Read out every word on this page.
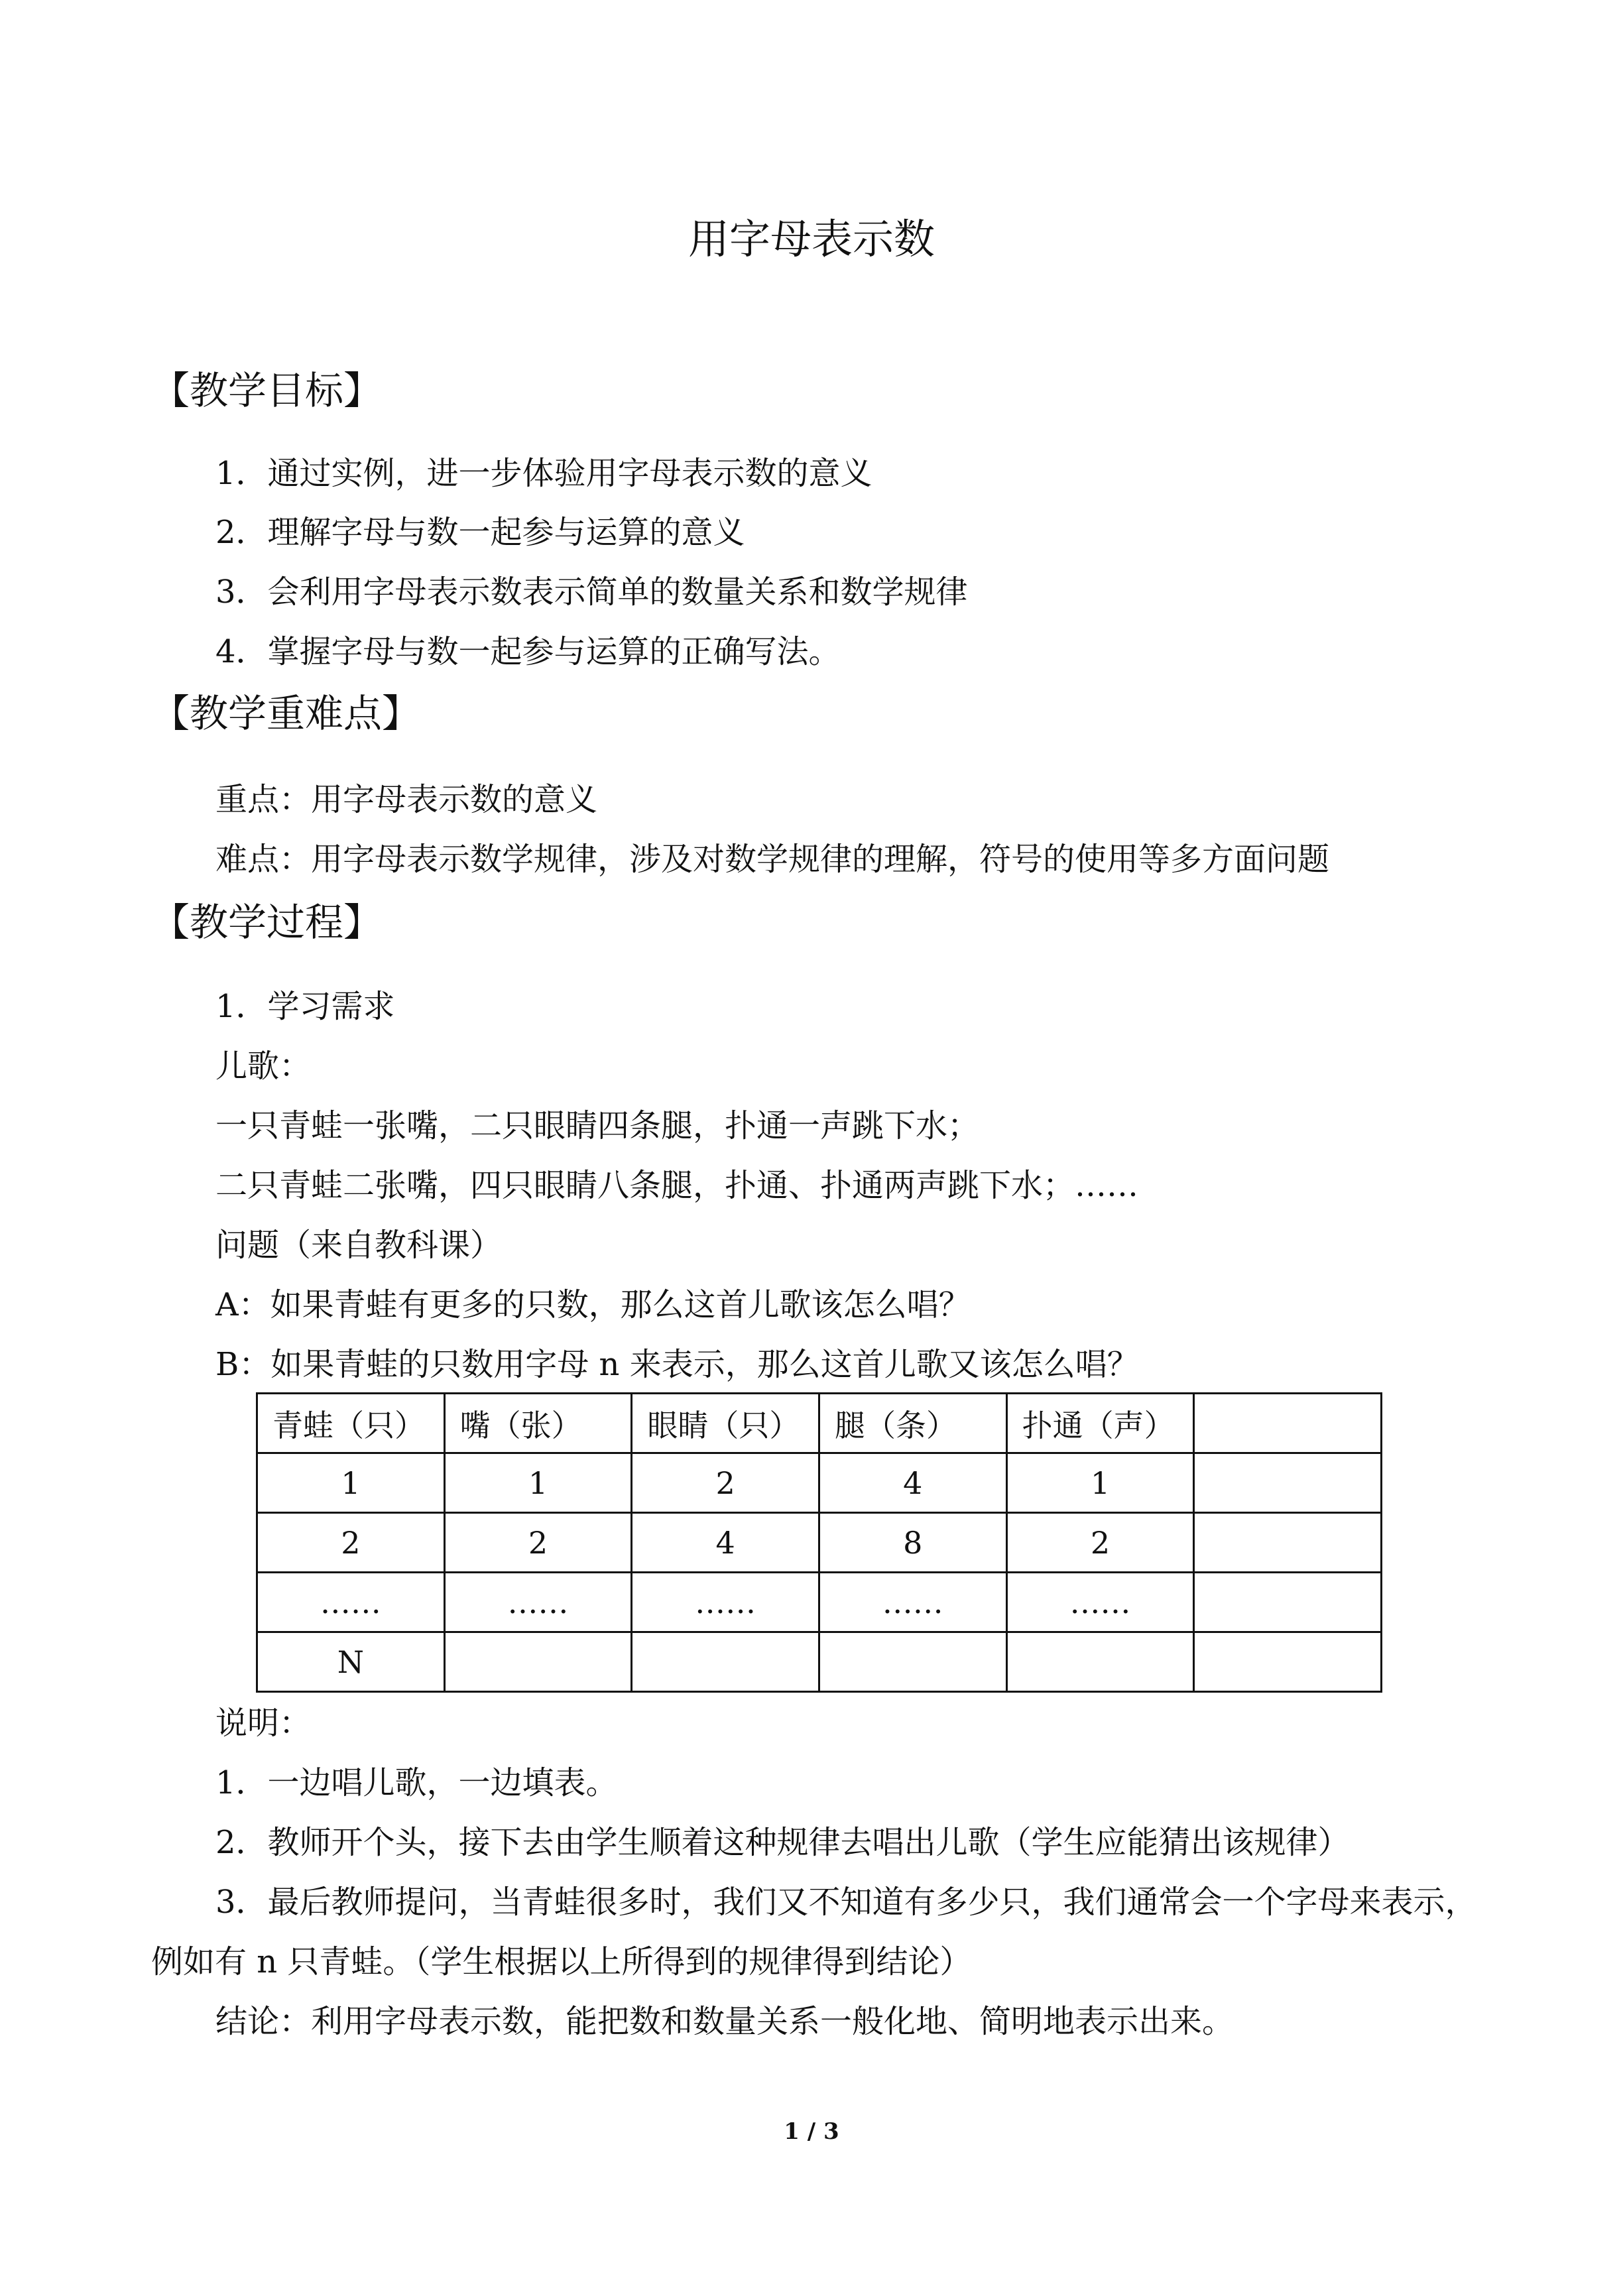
用字母表示数
【教学目标】
1．通过实例，进一步体验用字母表示数的意义
2．理解字母与数一起参与运算的意义
3．会利用字母表示数表示简单的数量关系和数学规律
4．掌握字母与数一起参与运算的正确写法。
【教学重难点】
重点：用字母表示数的意义
难点：用字母表示数学规律，涉及对数学规律的理解，符号的使用等多方面问题
【教学过程】
1．学习需求
儿歌：
一只青蛙一张嘴，二只眼睛四条腿，扑通一声跳下水；
二只青蛙二张嘴，四只眼睛八条腿，扑通、扑通两声跳下水；……
问题（来自教科课）
A：如果青蛙有更多的只数，那么这首儿歌该怎么唱？
B：如果青蛙的只数用字母 n 来表示，那么这首儿歌又该怎么唱？
青蛙（只）	嘴（张）	眼睛（只）	腿（条）	扑通（声）	
1	1	2	4	1	
2	2	4	8	2	
……	……	……	……	……	
N					
说明：
1．一边唱儿歌，一边填表。
2．教师开个头，接下去由学生顺着这种规律去唱出儿歌（学生应能猜出该规律）
3．最后教师提问，当青蛙很多时，我们又不知道有多少只，我们通常会一个字母来表示，
例如有 n 只青蛙。（学生根据以上所得到的规律得到结论）
结论：利用字母表示数，能把数和数量关系一般化地、简明地表示出来。
1 / 3
